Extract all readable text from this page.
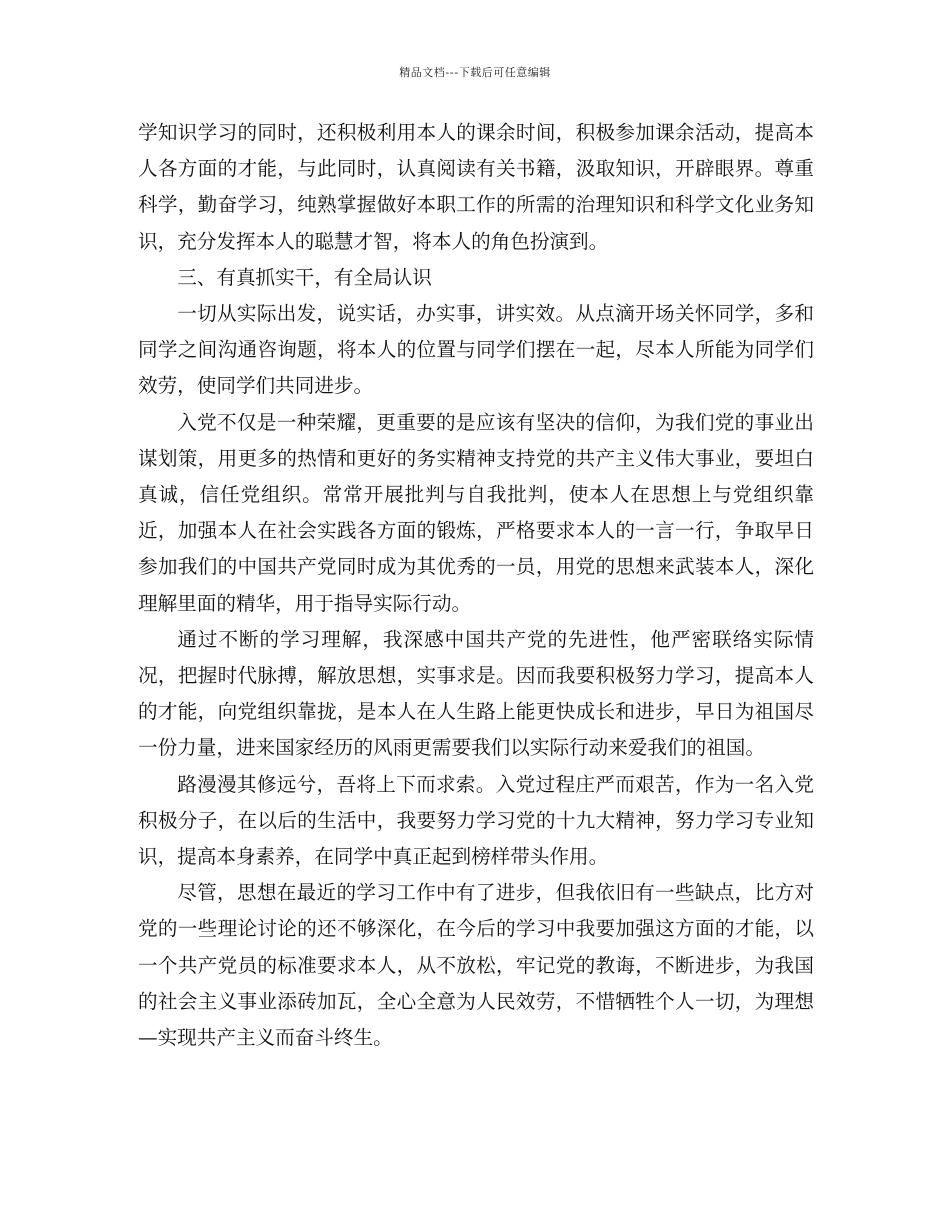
精品文档---下载后可任意编辑

学知识学习的同时，还积极利用本人的课余时间，积极参加课余活动，提高本人各方面的才能，与此同时，认真阅读有关书籍，汲取知识，开辟眼界。尊重科学，勤奋学习，纯熟掌握做好本职工作的所需的治理知识和科学文化业务知识，充分发挥本人的聪慧才智，将本人的角色扮演到。

三、有真抓实干，有全局认识

一切从实际出发，说实话，办实事，讲实效。从点滴开场关怀同学，多和同学之间沟通咨询题，将本人的位置与同学们摆在一起，尽本人所能为同学们效劳，使同学们共同进步。

入党不仅是一种荣耀，更重要的是应该有坚决的信仰，为我们党的事业出谋划策，用更多的热情和更好的务实精神支持党的共产主义伟大事业，要坦白真诚，信任党组织。常常开展批判与自我批判，使本人在思想上与党组织靠近，加强本人在社会实践各方面的锻炼，严格要求本人的一言一行，争取早日参加我们的中国共产党同时成为其优秀的一员，用党的思想来武装本人，深化理解里面的精华，用于指导实际行动。

通过不断的学习理解，我深感中国共产党的先进性，他严密联络实际情况，把握时代脉搏，解放思想，实事求是。因而我要积极努力学习，提高本人的才能，向党组织靠拢，是本人在人生路上能更快成长和进步，早日为祖国尽一份力量，进来国家经历的风雨更需要我们以实际行动来爱我们的祖国。

路漫漫其修远兮，吾将上下而求索。入党过程庄严而艰苦，作为一名入党积极分子，在以后的生活中，我要努力学习党的十九大精神，努力学习专业知识，提高本身素养，在同学中真正起到榜样带头作用。

尽管，思想在最近的学习工作中有了进步，但我依旧有一些缺点，比方对党的一些理论讨论的还不够深化，在今后的学习中我要加强这方面的才能，以一个共产党员的标准要求本人，从不放松，牢记党的教诲，不断进步，为我国的社会主义事业添砖加瓦，全心全意为人民效劳，不惜牺牲个人一切，为理想—实现共产主义而奋斗终生。
